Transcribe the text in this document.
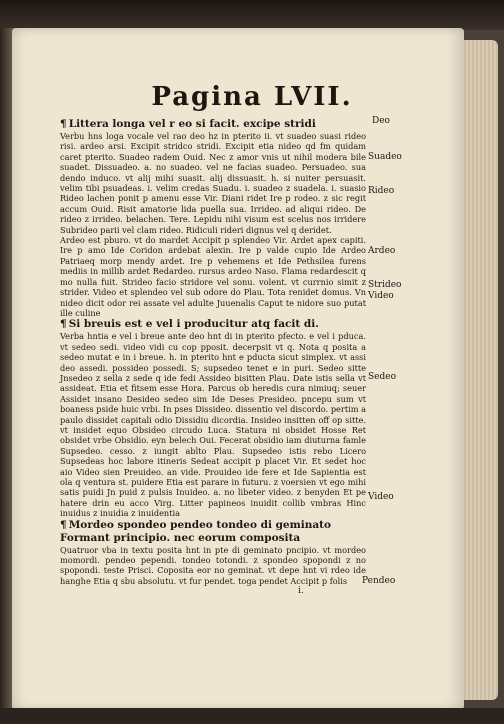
Pagina LVII.

¶ Littera longa vel r eo si facit. excipe stridi

Verbu hns loga vocale vel rao deo hz in pterito ii. vt suadeo suasi rideo risi. ardeo arsi. Excipit stridco stridi. Excipit etia nideo qd fm quidam caret pterito. Suadeo radem Ouid. Nec z amor vnis ut nihil modera bile suadet. Dissuadeo. a. no suadeo. vel ne facias suadeo. Persuadeo. sua dendo induco. vt alij mihi suasit. alij dissuasit. h. si nuiter persuasit. velim tibi psuadeas. i. velim credas Suadu. i. suadeo z suadela. i. suasio Rideo lachen ponit p amenu esse Vir. Diani ridet Ire p rodeo. z sic regit accum Ouid. Risit amatorie lida puella sua. Irrideo. ad aliqui rideo. De rideo z irrideo. belachen. Tere. Lepidu nihi visum est scelus nos irridere Subrideo parii vel clam rideo. Ridiculi rideri dignus vel q deridet.

Ardeo est pburo. vt do mardet Accipit p splendeo Vir. Ardet apex capiti. Ire p amo Ide Coridon ardebat alexin. Ire p valde cupio Ide Ardeo Patriaeq morp mendy ardet. Ire p vehemens et Ide Pethsilea furens mediis in millib ardet Redardeo. rursus ardeo Naso. Flama redardescit q mo nulla fuit. Strideo facio stridore vel sonu. volent. vt currnio simit z strider. Video et splendeo vel sub odore do Plau. Tota renidet domus. Vn nideo dicit odor rei assate vel adulte Juuenalis Caput te nidore suo putat ille culine

¶ Si breuis est e vel i producitur atq facit di.

Verba hntia e vel i breue ante deo hnt di in pterito pfecto. e vel i pduca. vt sedeo sedi. video vidi cu cop pposit. decerpsit vt q. Nota q posita a sedeo mutat e in i breue. h. in pterito hnt e pducta sicut simplex. vt assi deo assedi. possideo possedi. S; supsedeo tenet e in puri. Sedeo sitte Jnsedeo z sella z sede q ide fedi Assideo bisitten Plau. Date istis sella vt assideat. Etia et fitsem esse Hora. Parcus ob heredis cura nimiuq; seuer Assidet insano Desideo sedeo sim Ide Deses Presideo. pncepu sum vt boaness pside huic vrbi. In pses Dissideo. dissentio vel discordo. pertim a paulo dissidet capitali odio Dissidiu dicordia. Insideo insitten off op sitte. vt insidet equo Obsideo circudo Luca. Statura ni obsidet Hosse Ret obsidet vrbe Obsidio. eyn belech Oui. Fecerat obsidio iam diuturna famle Supsedeo. cesso. z iungit ablto Plau. Supsedeo istis rebo Licero Supsedeas hoc labore itineris Sedeat accipit p placet Vir. Et sedet hoc aio Video sien Preuideo. an vide. Prouideo ide fere et Ide Sapientia est ola q ventura st. puidere Etia est parare in futuru. z voersien vt ego mihi satis puidi Jn puid z pulsis Inuideo. a. no libeter video. z benyden Et pe hatere drin eu acco Virg. Litter papineos inuidit collib vmbras Hinc inuidus z inuidia z inuidentia

¶ Mordeo spondeo pendeo tondeo di geminato

Formant principio. nec eorum composita

Quatruor vba in textu posita hnt in pte di geminato pncipio. vt mordeo momordi. pendeo pependi. tondeo totondi. z spondeo spopondi z no spopondi. teste Prisci. Coposita eor no geminat. vt depe hnt vi rdeo ide hanghe Etia q sbu absolutu. vt fur pendet. toga pendet Accipit p folis

Deo
Suadeo
Rideo
Ardeo
Strideo
Video
Sedeo
Video
Pendeo
i.
